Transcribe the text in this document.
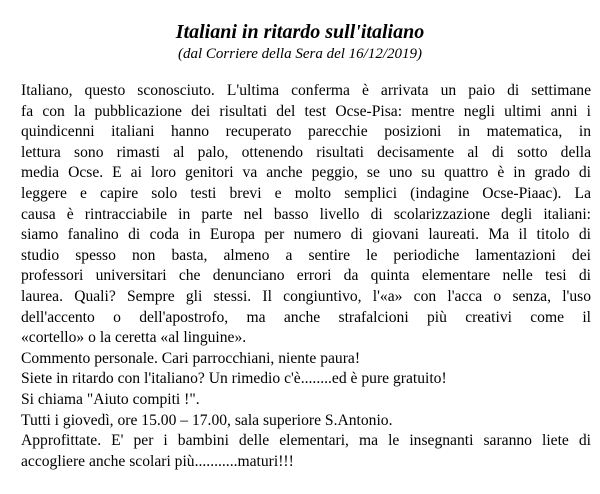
Italiani in ritardo sull'italiano
(dal Corriere della Sera del 16/12/2019)
Italiano, questo sconosciuto. L'ultima conferma è arrivata un paio di settimane
fa con la pubblicazione dei risultati del test Ocse-Pisa: mentre negli ultimi anni i
quindicenni italiani hanno recuperato parecchie posizioni in matematica, in
lettura sono rimasti al palo, ottenendo risultati decisamente al di sotto della
media Ocse. E ai loro genitori va anche peggio, se uno su quattro è in grado di
leggere e capire solo testi brevi e molto semplici (indagine Ocse-Piaac). La
causa è rintracciabile in parte nel basso livello di scolarizzazione degli italiani:
siamo fanalino di coda in Europa per numero di giovani laureati. Ma il titolo di
studio spesso non basta, almeno a sentire le periodiche lamentazioni dei
professori universitari che denunciano errori da quinta elementare nelle tesi di
laurea. Quali? Sempre gli stessi. Il congiuntivo, l'«a» con l'acca o senza, l'uso
dell'accento o dell'apostrofo, ma anche strafalcioni più creativi come il
«cortello» o la ceretta «al linguine».
Commento personale. Cari parrocchiani, niente paura!
Siete in ritardo con l'italiano? Un rimedio c'è........ed è pure gratuito!
Si chiama "Aiuto compiti !".
Tutti i giovedì, ore 15.00 – 17.00, sala superiore S.Antonio.
Approfittate. E' per i bambini delle elementari, ma le insegnanti saranno liete di
accogliere anche scolari più...........maturi!!!
